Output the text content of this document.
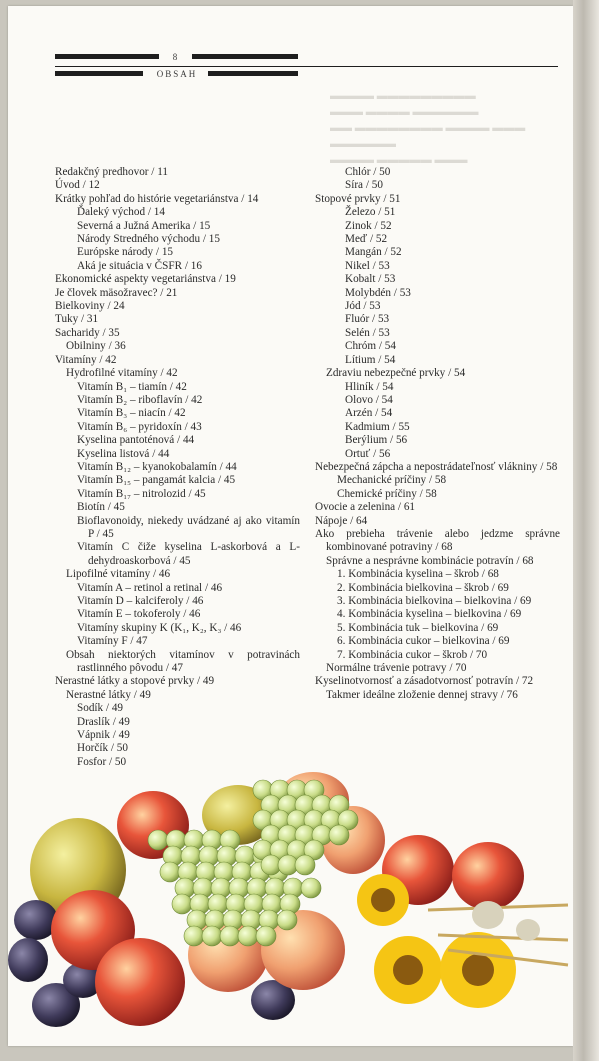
▬▬▬▬ ▬▬▬▬▬▬▬▬▬
▬▬▬ ▬▬▬▬ ▬▬▬▬▬▬
▬▬ ▬▬▬▬▬▬▬▬ ▬▬▬▬ ▬▬▬
▬▬▬▬▬▬
▬▬▬▬ ▬▬▬▬▬ ▬▬▬
8
OBSAH
Redakčný predhovor / 11
Úvod / 12
Krátky pohľad do histórie vegetariánstva / 14
Ďaleký východ / 14
Severná a Južná Amerika / 15
Národy Stredného východu / 15
Európske národy / 15
Aká je situácia v ČSFR / 16
Ekonomické aspekty vegetariánstva / 19
Je človek mäsožravec? / 21
Bielkoviny / 24
Tuky / 31
Sacharidy / 35
Obilniny / 36
Vitamíny / 42
Hydrofilné vitamíny / 42
Vitamín B₁ – tiamín / 42
Vitamín B₂ – riboflavín / 42
Vitamín B₃ – niacín / 42
Vitamín B₆ – pyridoxín / 43
Kyselina pantoténová / 44
Kyselina listová / 44
Vitamín B₁₂ – kyanokobalamín / 44
Vitamín B₁₅ – pangamát kalcia / 45
Vitamín B₁₇ – nitrolozid / 45
Biotín / 45
Bioflavonoidy, niekedy uvádzané aj ako vitamín P / 45
Vitamín C čiže kyselina L-askorbová a L-dehydroaskorbová / 45
Lipofilné vitamíny / 46
Vitamín A – retinol a retinal / 46
Vitamín D – kalciferoly / 46
Vitamín E – tokoferoly / 46
Vitamíny skupiny K (K₁, K₂, K₃ / 46
Vitamíny F / 47
Obsah niektorých vitamínov v potravinách rastlinného pôvodu / 47
Nerastné látky a stopové prvky / 49
Nerastné látky / 49
Sodík / 49
Draslík / 49
Vápnik / 49
Horčík / 50
Fosfor / 50
Chlór / 50
Síra / 50
Stopové prvky / 51
Železo / 51
Zinok / 52
Meď / 52
Mangán / 52
Nikel / 53
Kobalt / 53
Molybdén / 53
Jód / 53
Fluór / 53
Selén / 53
Chróm / 54
Lítium / 54
Zdraviu nebezpečné prvky / 54
Hliník / 54
Olovo / 54
Arzén / 54
Kadmium / 55
Berýlium / 56
Ortuť / 56
Nebezpečná zápcha a nepostrádateľnosť vlákniny / 58
Mechanické príčiny / 58
Chemické príčiny / 58
Ovocie a zelenina / 61
Nápoje / 64
Ako prebieha trávenie alebo jedzme správne kombinované potraviny / 68
Správne a nesprávne kombinácie potravín / 68
1. Kombinácia kyselina – škrob / 68
2. Kombinácia bielkovina – škrob / 69
3. Kombinácia bielkovina – bielkovina / 69
4. Kombinácia kyselina – bielkovina / 69
5. Kombinácia tuk – bielkovina / 69
6. Kombinácia cukor – bielkovina / 69
7. Kombinácia cukor – škrob / 70
Normálne trávenie potravy / 70
Kyselinotvornosť a zásadotvornosť potravín / 72
Takmer ideálne zloženie dennej stravy / 76
